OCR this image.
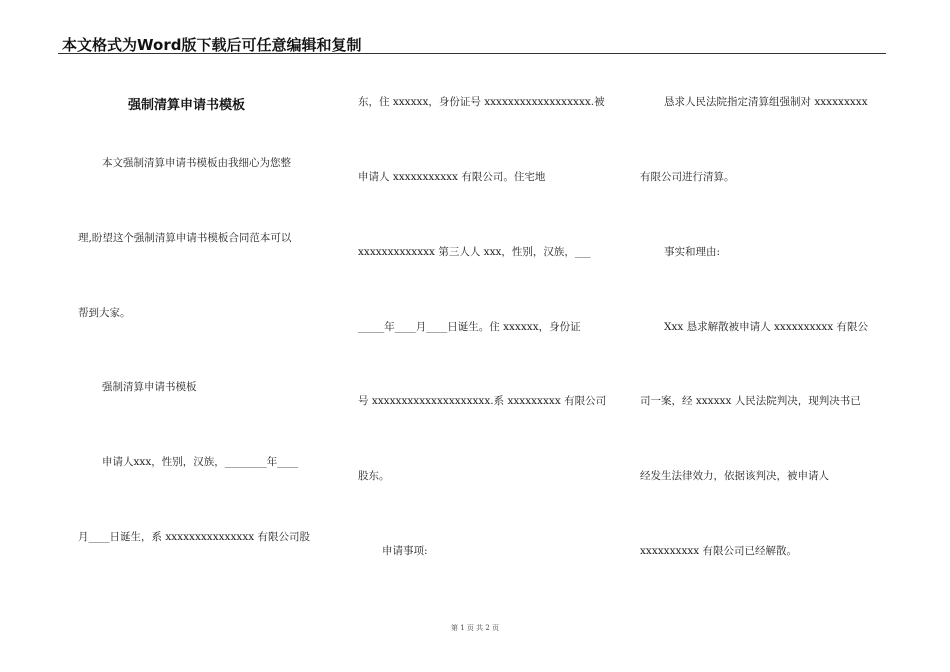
本文格式为Word版下载后可任意编辑和复制
强制清算申请书模板
本文强制清算申请书模板由我细心为您整
理,盼望这个强制清算申请书模板合同范本可以
帮到大家。
强制清算申请书模板
申请人xxx，性别，汉族，________年____
月____日诞生，系 xxxxxxxxxxxxxxx 有限公司股
东，住 xxxxxx，身份证号 xxxxxxxxxxxxxxxxxx.被
申请人 xxxxxxxxxxx 有限公司。住宅地
xxxxxxxxxxxxx 第三人人 xxx，性别，汉族，___
_____年____月____日诞生。住 xxxxxx，身份证
号 xxxxxxxxxxxxxxxxxxxx.系 xxxxxxxxx 有限公司
股东。
申请事项:
恳求人民法院指定清算组强制对 xxxxxxxxx
有限公司进行清算。
事实和理由:
Xxx 恳求解散被申请人 xxxxxxxxxx 有限公
司一案，经 xxxxxx 人民法院判决，现判决书已
经发生法律效力，依据该判决，被申请人
xxxxxxxxxx 有限公司已经解散。
第 1 页 共 2 页
